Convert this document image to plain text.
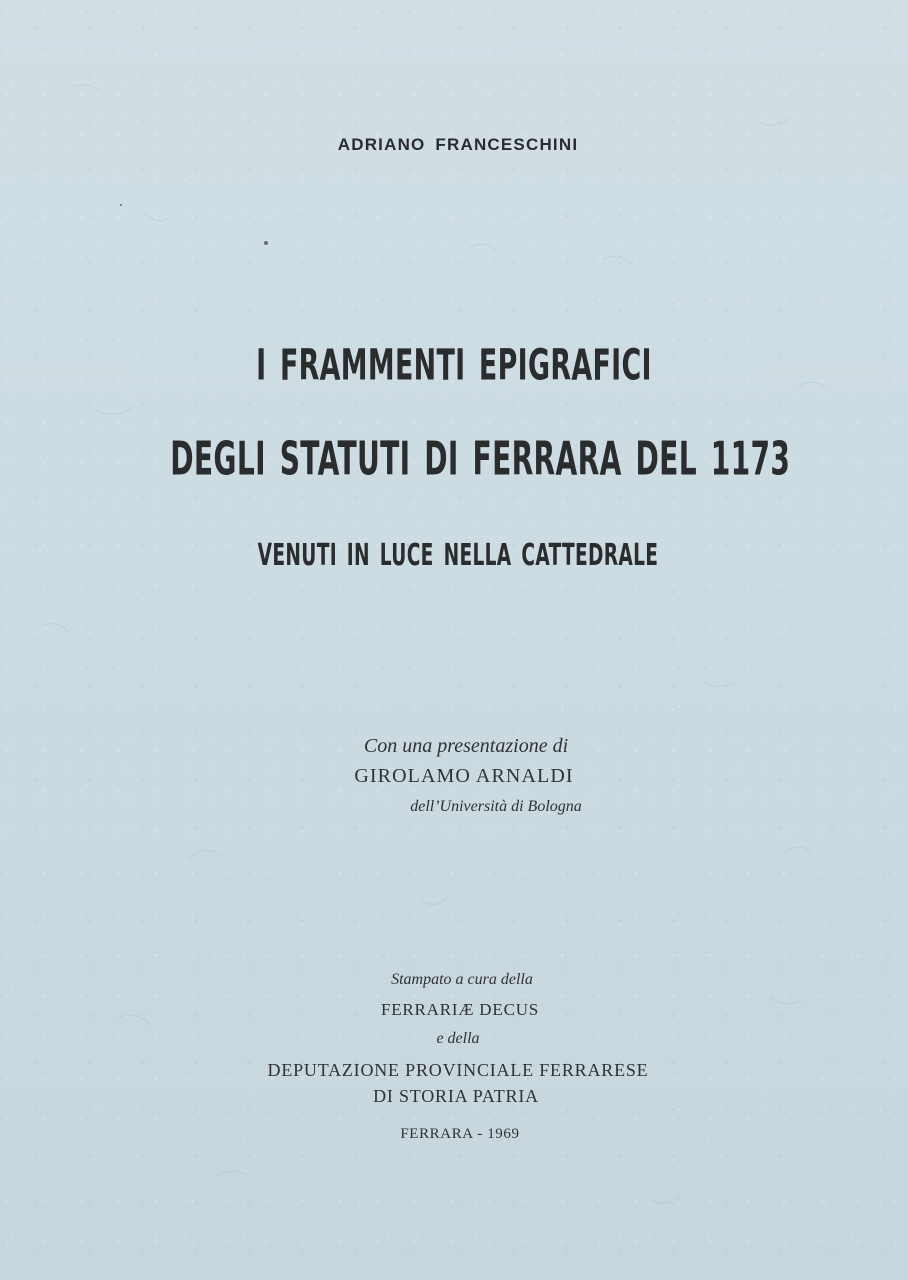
ADRIANO FRANCESCHINI
I FRAMMENTI EPIGRAFICI
DEGLI STATUTI DI FERRARA DEL 1173
VENUTI IN LUCE NELLA CATTEDRALE
Con una presentazione di
GIROLAMO ARNALDI
dell’Università di Bologna
Stampato a cura della
FERRARIÆ DECUS
e della
DEPUTAZIONE PROVINCIALE FERRARESE
DI STORIA PATRIA
FERRARA - 1969
